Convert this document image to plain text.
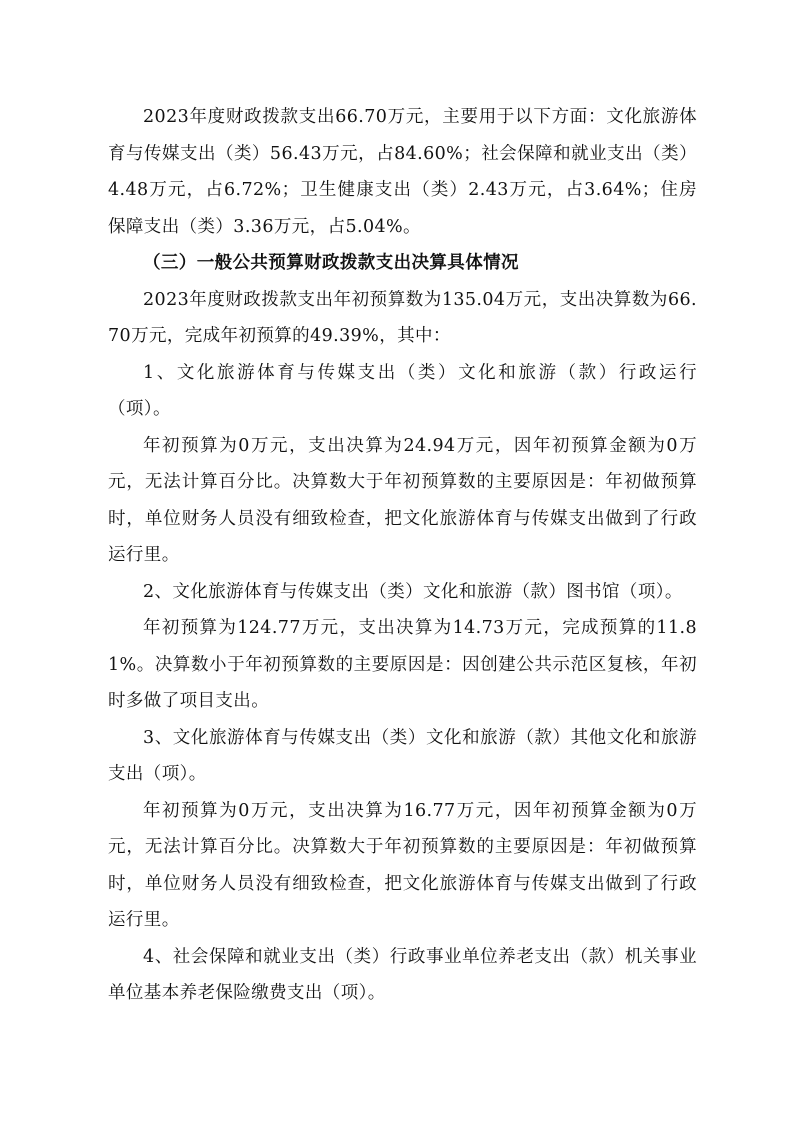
2023年度财政拨款支出66.70万元，主要用于以下方面：文化旅游体育与传媒支出（类）56.43万元，占84.60%；社会保障和就业支出（类）4.48万元，占6.72%；卫生健康支出（类）2.43万元，占3.64%；住房保障支出（类）3.36万元，占5.04%。

（三）一般公共预算财政拨款支出决算具体情况

2023年度财政拨款支出年初预算数为135.04万元，支出决算数为66.70万元，完成年初预算的49.39%，其中：

1、文化旅游体育与传媒支出（类）文化和旅游（款）行政运行（项）。

年初预算为0万元，支出决算为24.94万元，因年初预算金额为0万元，无法计算百分比。决算数大于年初预算数的主要原因是：年初做预算时，单位财务人员没有细致检查，把文化旅游体育与传媒支出做到了行政运行里。

2、文化旅游体育与传媒支出（类）文化和旅游（款）图书馆（项）。

年初预算为124.77万元，支出决算为14.73万元，完成预算的11.81%。决算数小于年初预算数的主要原因是：因创建公共示范区复核，年初时多做了项目支出。

3、文化旅游体育与传媒支出（类）文化和旅游（款）其他文化和旅游支出（项）。

年初预算为0万元，支出决算为16.77万元，因年初预算金额为0万元，无法计算百分比。决算数大于年初预算数的主要原因是：年初做预算时，单位财务人员没有细致检查，把文化旅游体育与传媒支出做到了行政运行里。

4、社会保障和就业支出（类）行政事业单位养老支出（款）机关事业单位基本养老保险缴费支出（项）。
